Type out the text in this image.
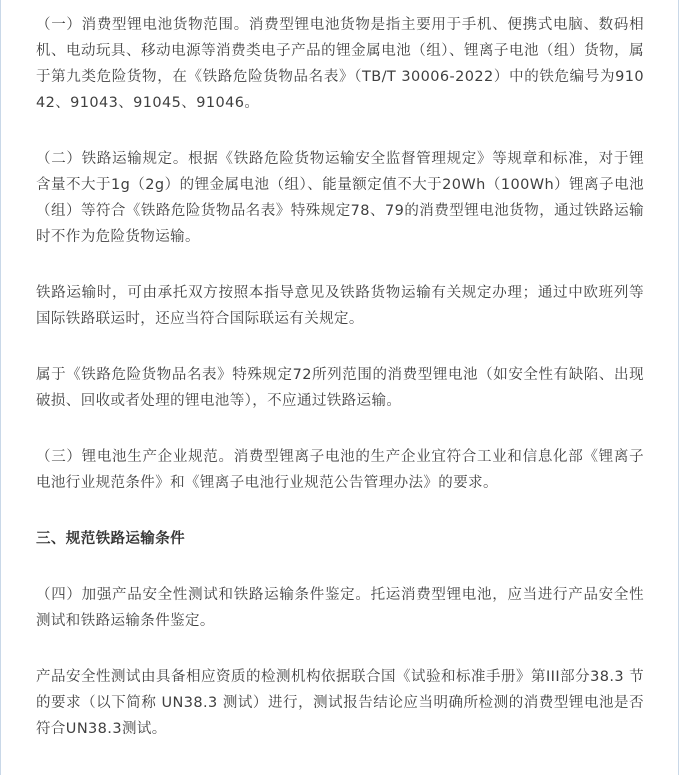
（一）消费型锂电池货物范围。消费型锂电池货物是指主要用于手机、便携式电脑、数码相机、电动玩具、移动电源等消费类电子产品的锂金属电池（组）、锂离子电池（组）货物，属于第九类危险货物，在《铁路危险货物品名表》（TB/T 30006-2022）中的铁危编号为91042、91043、91045、91046。

（二）铁路运输规定。根据《铁路危险货物运输安全监督管理规定》等规章和标准，对于锂含量不大于1g（2g）的锂金属电池（组）、能量额定值不大于20Wh（100Wh）锂离子电池（组）等符合《铁路危险货物品名表》特殊规定78、79的消费型锂电池货物，通过铁路运输时不作为危险货物运输。

铁路运输时，可由承托双方按照本指导意见及铁路货物运输有关规定办理；通过中欧班列等国际铁路联运时，还应当符合国际联运有关规定。

属于《铁路危险货物品名表》特殊规定72所列范围的消费型锂电池（如安全性有缺陷、出现破损、回收或者处理的锂电池等），不应通过铁路运输。

（三）锂电池生产企业规范。消费型锂离子电池的生产企业宜符合工业和信息化部《锂离子电池行业规范条件》和《锂离子电池行业规范公告管理办法》的要求。

三、规范铁路运输条件

（四）加强产品安全性测试和铁路运输条件鉴定。托运消费型锂电池，应当进行产品安全性测试和铁路运输条件鉴定。

产品安全性测试由具备相应资质的检测机构依据联合国《试验和标准手册》第III部分38.3 节的要求（以下简称 UN38.3 测试）进行，测试报告结论应当明确所检测的消费型锂电池是否符合UN38.3测试。
